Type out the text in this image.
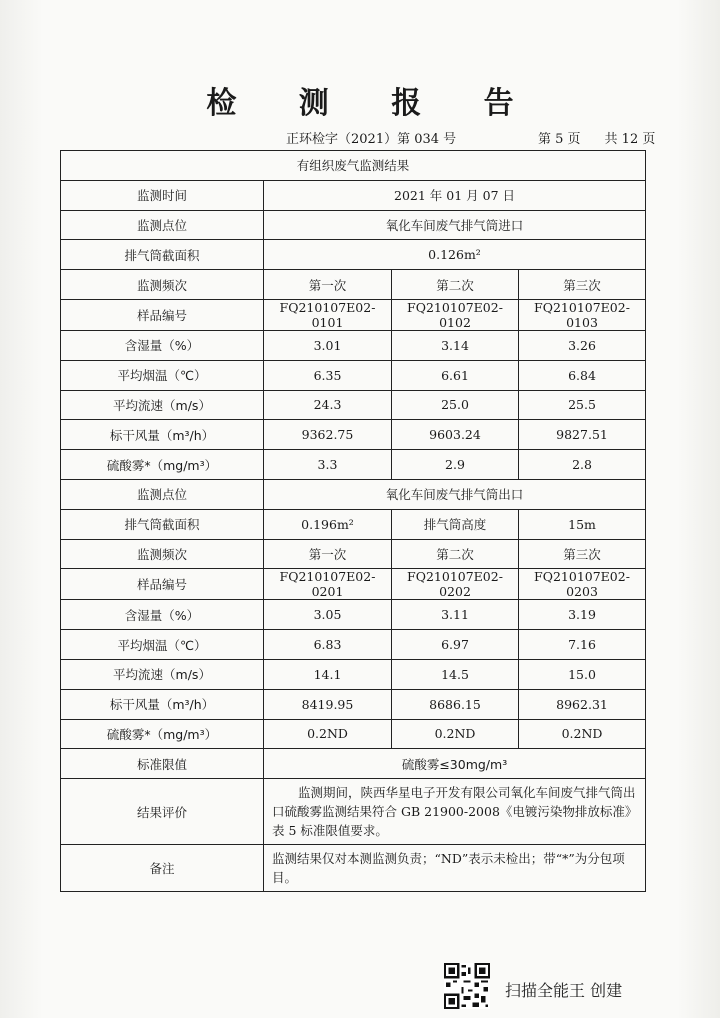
检 测 报 告
正环检字（2021）第 034 号	第 5 页 共 12 页
有组织废气监测结果			
监测时间	2021 年 01 月 07 日		
监测点位	氧化车间废气排气筒进口		
排气筒截面积	0.126m²		
监测频次	第一次	第二次	第三次
样品编号	FQ210107E02-0101	FQ210107E02-0102	FQ210107E02-0103
含湿量（%）	3.01	3.14	3.26
平均烟温（℃）	6.35	6.61	6.84
平均流速（m/s）	24.3	25.0	25.5
标干风量（m³/h）	9362.75	9603.24	9827.51
硫酸雾*（mg/m³）	3.3	2.9	2.8
监测点位	氧化车间废气排气筒出口		
排气筒截面积	0.196m²	排气筒高度	15m
监测频次	第一次	第二次	第三次
样品编号	FQ210107E02-0201	FQ210107E02-0202	FQ210107E02-0203
含湿量（%）	3.05	3.11	3.19
平均烟温（℃）	6.83	6.97	7.16
平均流速（m/s）	14.1	14.5	15.0
标干风量（m³/h）	8419.95	8686.15	8962.31
硫酸雾*（mg/m³）	0.2ND	0.2ND	0.2ND
标准限值	硫酸雾≤30mg/m³		
结果评价	监测期间，陕西华星电子开发有限公司氧化车间废气排气筒出口硫酸雾监测结果符合 GB 21900-2008《电镀污染物排放标准》表 5 标准限值要求。		
备注	监测结果仅对本测监测负责；“ND”表示未检出；带“*”为分包项目。		
扫描全能王 创建
